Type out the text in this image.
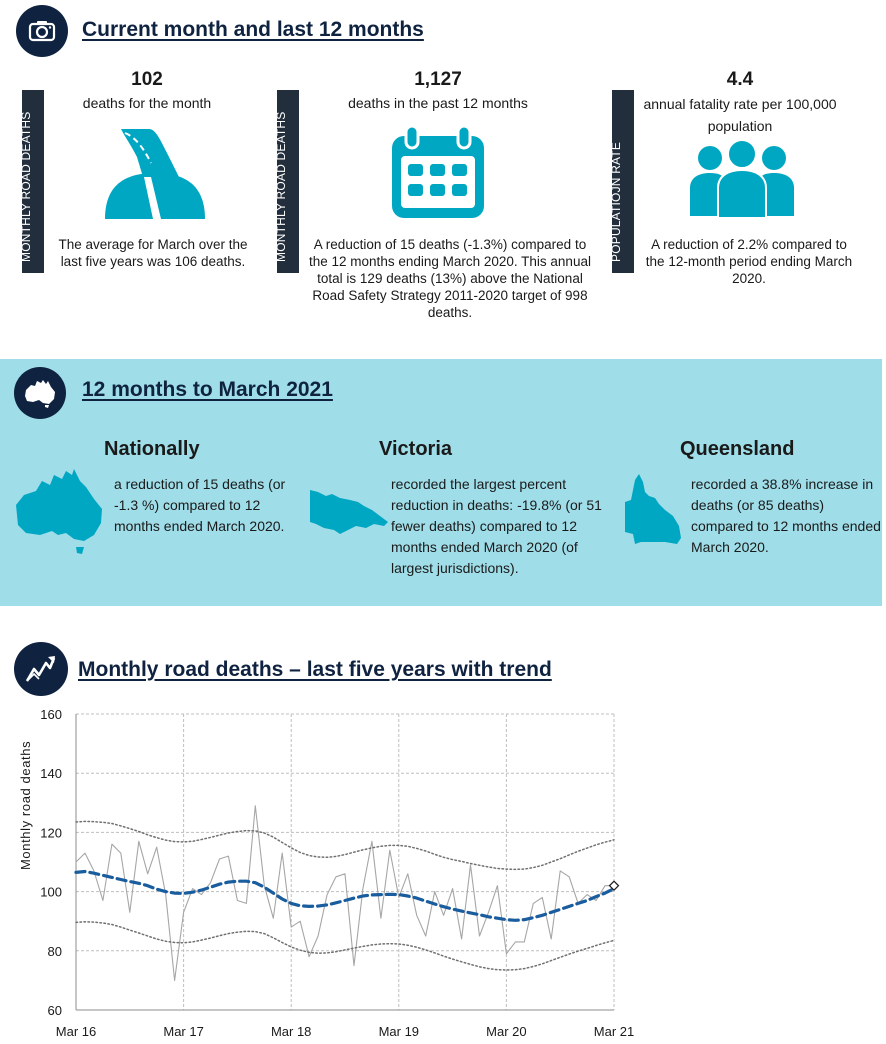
Current month and last 12 months
MONTHLY ROAD DEATHS
102
deaths for the month
The average for March over the last five years was 106 deaths.	MONTHLY ROAD DEATHS
1,127
deaths in the past 12 months
A reduction of 15 deaths (-1.3%) compared to the 12 months ending March 2020. This annual total is 129 deaths (13%) above the National Road Safety Strategy 2011-2020 target of 998 deaths.
POPULATIOJN RATE
4.4
annual fatality rate per 100,000 population
A reduction of 2.2% compared to the 12-month period ending March 2020.
12 months to March 2021
Nationally
a reduction of 15 deaths (or -1.3 %) compared to 12 months ended March 2020.
Victoria
recorded the largest percent reduction in deaths: -19.8% (or 51 fewer deaths) compared to 12 months ended March 2020 (of largest jurisdictions).
Queensland
recorded a 38.8% increase in deaths (or 85 deaths) compared to 12 months ended March 2020.
Monthly road deaths – last five years with trend
Monthly road deaths
60
80
100
120
140
160
Mar 16	Mar 17	Mar 18	Mar 19	Mar 20	Mar 21
